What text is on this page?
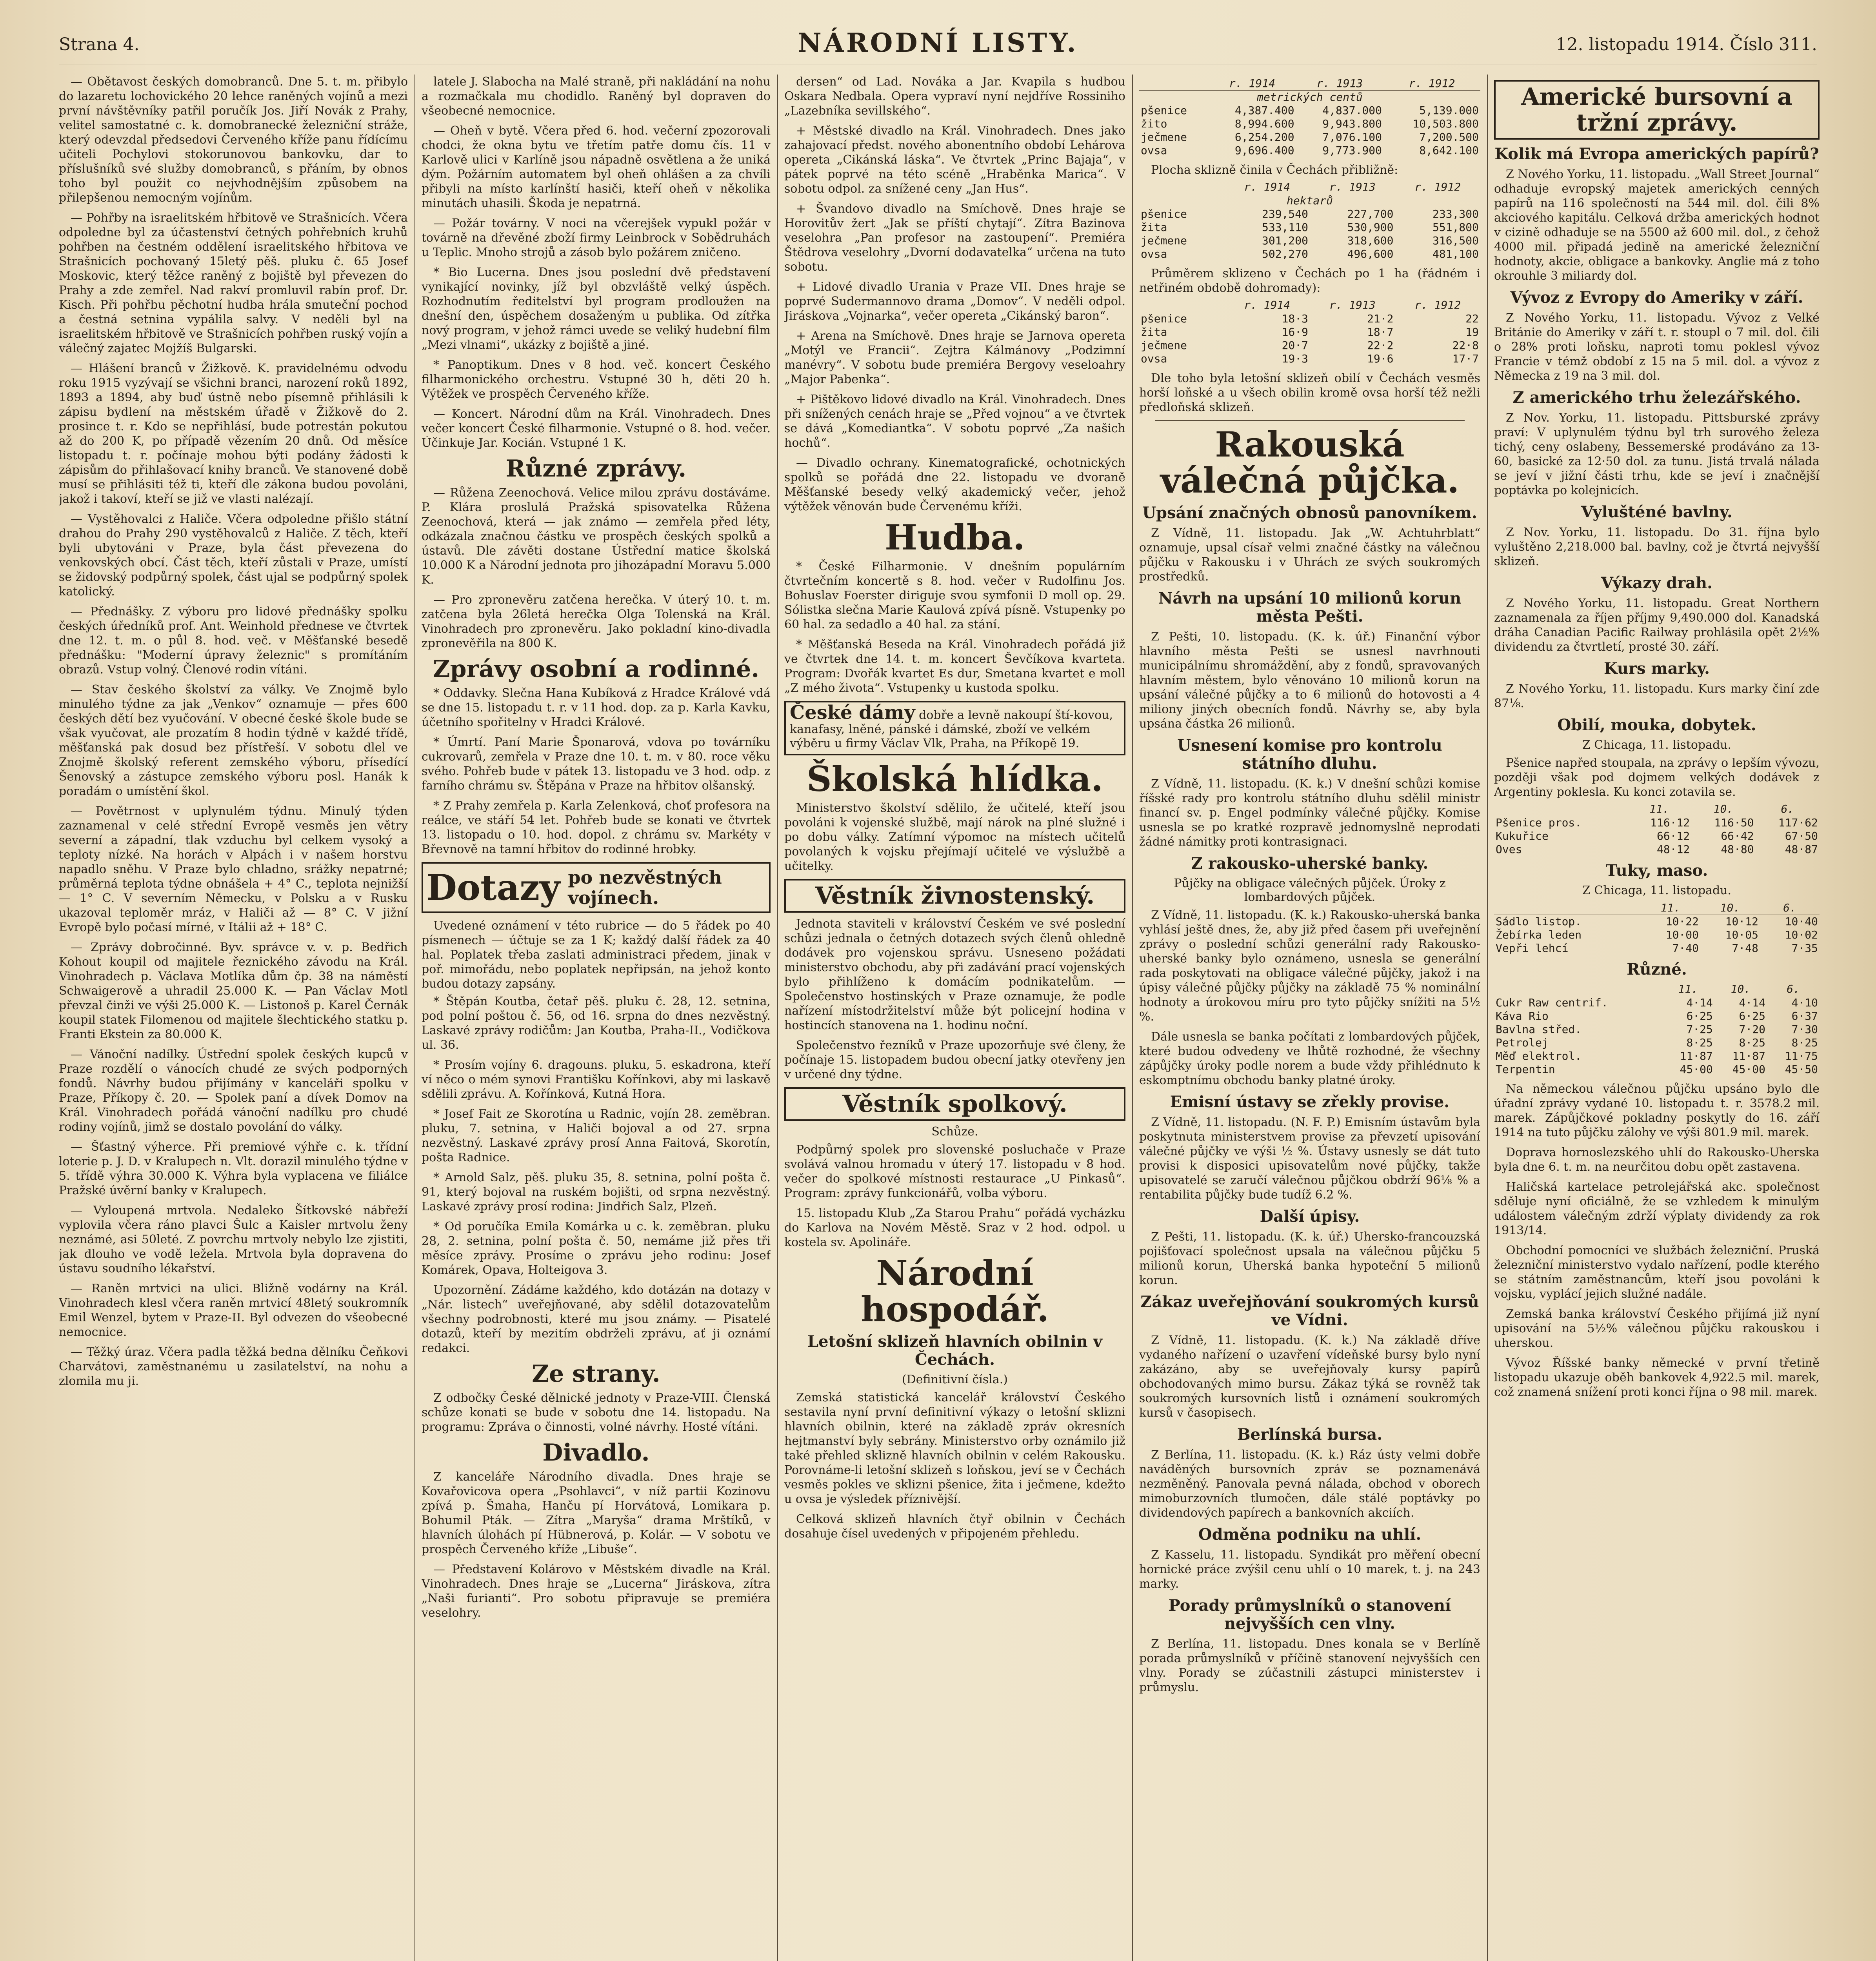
Strana 4.	NÁRODNÍ LISTY.	12. listopadu 1914. Číslo 311.

— Obětavost českých domobranců. Dne 5. t. m. přibylo do lazaretu lochovického 20 lehce raněných vojínů a mezi první návštěvníky patřil poručík Jos. Jiří Novák z Prahy, velitel samostatné c. k. domobranecké železniční stráže, který odevzdal předsedovi Červeného kříže panu řídícímu učiteli Pochylovi stokorunovou bankovku, dar to příslušníků své služby domobranců, s přáním, by obnos toho byl použit co nejvhodnějším způsobem na přilepšenou nemocným vojínům.

— Pohřby na israelitském hřbitově ve Strašnicích. Včera odpoledne byl za účastenství četných pohřebních kruhů pohřben na čestném oddělení israelitského hřbitova ve Strašnicích pochovaný 15letý pěš. pluku č. 65 Josef Moskovic, který těžce raněný z bojiště byl převezen do Prahy a zde zemřel. Nad rakví promluvil rabín prof. Dr. Kisch. Při pohřbu pěchotní hudba hrála smuteční pochod a čestná setnina vypálila salvy. V neděli byl na israelitském hřbitově ve Strašnicích pohřben ruský vojín a válečný zajatec Mojžíš Bulgarski.

— Hlášení branců v Žižkově. K. pravidelnému odvodu roku 1915 vyzývají se všichni branci, narození roků 1892, 1893 a 1894, aby buď ústně nebo písemně přihlásili k zápisu bydlení na městském úřadě v Žižkově do 2. prosince t. r. Kdo se nepřihlásí, bude potrestán pokutou až do 200 K, po případě vězením 20 dnů. Od měsíce listopadu t. r. počínaje mohou býti podány žádosti k zápisům do přihlašovací knihy branců. Ve stanovené době musí se přihlásiti též ti, kteří dle zákona budou povoláni, jakož i takoví, kteří se již ve vlasti nalézají.

— Vystěhovalci z Haliče. Včera odpoledne přišlo státní drahou do Prahy 290 vystěhovalců z Haliče. Z těch, kteří byli ubytováni v Praze, byla část převezena do venkovských obcí. Část těch, kteří zůstali v Praze, umístí se židovský podpůrný spolek, část ujal se podpůrný spolek katolický.

— Přednášky. Z výboru pro lidové přednášky spolku českých úředníků prof. Ant. Weinhold přednese ve čtvrtek dne 12. t. m. o půl 8. hod. več. v Měšťanské besedě přednášku: "Moderní úpravy železnic" s promítáním obrazů. Vstup volný. Členové rodin vítáni.

— Stav českého školství za války. Ve Znojmě bylo minulého týdne za jak „Venkov“ oznamuje — přes 600 českých dětí bez vyučování. V obecné české škole bude se však vyučovat, ale prozatím 8 hodin týdně v každé třídě, měšťanská pak dosud bez přístřeší. V sobotu dlel ve Znojmě školský referent zemského výboru, přísedící Šenovský a zástupce zemského výboru posl. Hanák k poradám o umístění škol.

— Povětrnost v uplynulém týdnu. Minulý týden zaznamenal v celé střední Evropě vesměs jen větry severní a západní, tlak vzduchu byl celkem vysoký a teploty nízké. Na horách v Alpách i v našem horstvu napadlo sněhu. V Praze bylo chladno, srážky nepatrné; průměrná teplota týdne obnášela + 4° C., teplota nejnižší — 1° C. V severním Německu, v Polsku a v Rusku ukazoval teploměr mráz, v Haliči až — 8° C. V jižní Evropě bylo počasí mírné, v Itálii až + 18° C.

— Zprávy dobročinné. Byv. správce v. v. p. Bedřich Kohout koupil od majitele řeznického závodu na Král. Vinohradech p. Václava Motlíka dům čp. 38 na náměstí Schwaigerově a uhradil 25.000 K. — Pan Václav Motl převzal činži ve výši 25.000 K. — Listonoš p. Karel Černák koupil statek Filomenou od majitele šlechtického statku p. Franti Ekstein za 80.000 K.

— Vánoční nadílky. Ústřední spolek českých kupců v Praze rozdělí o vánocích chudé ze svých podporných fondů. Návrhy budou přijímány v kanceláři spolku v Praze, Příkopy č. 20. — Spolek paní a dívek Domov na Král. Vinohradech pořádá vánoční nadílku pro chudé rodiny vojínů, jimž se dostalo povolání do války.

— Šťastný výherce. Při premiové výhře c. k. třídní loterie p. J. D. v Kralupech n. Vlt. dorazil minulého týdne v 5. třídě výhra 30.000 K. Výhra byla vyplacena ve filiálce Pražské úvěrní banky v Kralupech.

— Vyloupená mrtvola. Nedaleko Šítkovské nábřeží vyplovila včera ráno plavci Šulc a Kaisler mrtvolu ženy neznámé, asi 50leté. Z povrchu mrtvoly nebylo lze zjistiti, jak dlouho ve vodě ležela. Mrtvola byla dopravena do ústavu soudního lékařství.

— Raněn mrtvici na ulici. Bližně vodárny na Král. Vinohradech klesl včera raněn mrtvicí 48letý soukromník Emil Wenzel, bytem v Praze-II. Byl odvezen do všeobecné nemocnice.

— Těžký úraz. Včera padla těžká bedna dělníku Čeňkovi Charvátovi, zaměstnanému u zasilatelství, na nohu a zlomila mu ji.

latele J. Slabocha na Malé straně, při nakládání na nohu a rozmačkala mu chodidlo. Raněný byl dopraven do všeobecné nemocnice.

— Oheň v bytě. Včera před 6. hod. večerní zpozorovali chodci, že okna bytu ve třetím patře domu čís. 11 v Karlově ulici v Karlíně jsou nápadně osvětlena a že uniká dým. Požárním automatem byl oheň ohlášen a za chvíli přibyli na místo karlínští hasiči, kteří oheň v několika minutách uhasili. Škoda je nepatrná.

— Požár továrny. V noci na včerejšek vypukl požár v továrně na dřevěné zboží firmy Leinbrock v Sobědruhách u Teplic. Mnoho strojů a zásob bylo požárem zničeno.

* Bio Lucerna. Dnes jsou poslední dvě představení vynikající novinky, jíž byl obzvláště velký úspěch. Rozhodnutím ředitelství byl program prodloužen na dnešní den, úspěchem dosaženým u publika. Od zítřka nový program, v jehož rámci uvede se veliký hudební film „Mezi vlnami“, ukázky z bojiště a jiné.

* Panoptikum. Dnes v 8 hod. več. koncert Českého filharmonického orchestru. Vstupné 30 h, děti 20 h. Výtěžek ve prospěch Červeného kříže.

— Koncert. Národní dům na Král. Vinohradech. Dnes večer koncert České filharmonie. Vstupné o 8. hod. večer. Účinkuje Jar. Kocián. Vstupné 1 K.

Různé zprávy.

— Růžena Zeenochová. Velice milou zprávu dostáváme. P. Klára proslulá Pražská spisovatelka Růžena Zeenochová, která — jak známo — zemřela před léty, odkázala značnou částku ve prospěch českých spolků a ústavů. Dle závěti dostane Ústřední matice školská 10.000 K a Národní jednota pro jihozápadní Moravu 5.000 K.

— Pro zpronevěru zatčena herečka. V úterý 10. t. m. zatčena byla 26letá herečka Olga Tolenská na Král. Vinohradech pro zpronevěru. Jako pokladní kino-divadla zpronevěřila na 800 K.

Zprávy osobní a rodinné.

* Oddavky. Slečna Hana Kubíková z Hradce Králové vdá se dne 15. listopadu t. r. v 11 hod. dop. za p. Karla Kavku, účetního spořitelny v Hradci Králové.

* Úmrtí. Paní Marie Šponarová, vdova po továrníku cukrovarů, zemřela v Praze dne 10. t. m. v 80. roce věku svého. Pohřeb bude v pátek 13. listopadu ve 3 hod. odp. z farního chrámu sv. Štěpána v Praze na hřbitov olšanský.

* Z Prahy zemřela p. Karla Zelenková, choť profesora na reálce, ve stáří 54 let. Pohřeb bude se konati ve čtvrtek 13. listopadu o 10. hod. dopol. z chrámu sv. Markéty v Břevnově na tamní hřbitov do rodinné hrobky.

Dotazy po nezvěstných vojínech.

Uvedené oznámení v této rubrice — do 5 řádek po 40 písmenech — účtuje se za 1 K; každý další řádek za 40 hal. Poplatek třeba zaslati administraci předem, jinak v poř. mimořádu, nebo poplatek nepřipsán, na jehož konto budou dotazy zapsány.

* Štěpán Koutba, četař pěš. pluku č. 28, 12. setnina, pod polní poštou č. 56, od 16. srpna do dnes nezvěstný. Laskavé zprávy rodičům: Jan Koutba, Praha-II., Vodičkova ul. 36.

* Prosím vojíny 6. dragouns. pluku, 5. eskadrona, kteří ví něco o mém synovi Františku Kořínkovi, aby mi laskavě sdělili zprávu. A. Kořínková, Kutná Hora.

* Josef Fait ze Skorotína u Radnic, vojín 28. zeměbran. pluku, 7. setnina, v Haliči bojoval a od 27. srpna nezvěstný. Laskavé zprávy prosí Anna Faitová, Skorotín, pošta Radnice.

* Arnold Salz, pěš. pluku 35, 8. setnina, polní pošta č. 91, který bojoval na ruském bojišti, od srpna nezvěstný. Laskavé zprávy prosí rodina: Jindřich Salz, Plzeň.

* Od poručíka Emila Komárka u c. k. zeměbran. pluku 28, 2. setnina, polní pošta č. 50, nemáme již přes tři měsíce zprávy. Prosíme o zprávu jeho rodinu: Josef Komárek, Opava, Holteigova 3.

Upozornění. Zádáme každého, kdo dotázán na dotazy v „Nár. listech“ uveřejňované, aby sdělil dotazovatelům všechny podrobnosti, které mu jsou známy. — Pisatelé dotazů, kteří by mezitím obdrželi zprávu, ať ji oznámí redakci.

Ze strany.

Z odbočky České dělnické jednoty v Praze-VIII. Členská schůze konati se bude v sobotu dne 14. listopadu. Na programu: Zpráva o činnosti, volné návrhy. Hosté vítáni.

Divadlo.

Z kanceláře Národního divadla. Dnes hraje se Kovařovicova opera „Psohlavci“, v níž partii Kozinovu zpívá p. Šmaha, Hanču pí Horvátová, Lomikara p. Bohumil Pták. — Zítra „Maryša“ drama Mrštíků, v hlavních úlohách pí Hübnerová, p. Kolár. — V sobotu ve prospěch Červeného kříže „Libuše“.

— Představení Kolárovo v Městském divadle na Král. Vinohradech. Dnes hraje se „Lucerna“ Jiráskova, zítra „Naši furianti“. Pro sobotu připravuje se premiéra veselohry.

dersen“ od Lad. Nováka a Jar. Kvapila s hudbou Oskara Nedbala. Opera vypraví nyní nejdříve Rossiniho „Lazebníka sevillského“.

+ Městské divadlo na Král. Vinohradech. Dnes jako zahajovací předst. nového abonentního období Lehárova opereta „Cikánská láska“. Ve čtvrtek „Princ Bajaja“, v pátek poprvé na této scéně „Hraběnka Marica“. V sobotu odpol. za snížené ceny „Jan Hus“.

+ Švandovo divadlo na Smíchově. Dnes hraje se Horovitův žert „Jak se příští chytají“. Zítra Bazinova veselohra „Pan profesor na zastoupení“. Premiéra Štědrova veselohry „Dvorní dodavatelka“ určena na tuto sobotu.

+ Lidové divadlo Urania v Praze VII. Dnes hraje se poprvé Sudermannovo drama „Domov“. V neděli odpol. Jiráskova „Vojnarka“, večer opereta „Cikánský baron“.

+ Arena na Smíchově. Dnes hraje se Jarnova opereta „Motýl ve Francii“. Zejtra Kálmánovy „Podzimní manévry“. V sobotu bude premiéra Bergovy veseloahry „Major Pabenka“.

+ Pištěkovo lidové divadlo na Král. Vinohradech. Dnes při snížených cenách hraje se „Před vojnou“ a ve čtvrtek se dává „Komediantka“. V sobotu poprvé „Za našich hochů“.

— Divadlo ochrany. Kinematografické, ochotnických spolků se pořádá dne 22. listopadu ve dvoraně Měšťanské besedy velký akademický večer, jehož výtěžek věnován bude Červenému kříži.

Hudba.

* České Filharmonie. V dnešním populárním čtvrtečním koncertě s 8. hod. večer v Rudolfinu Jos. Bohuslav Foerster diriguje svou symfonii D moll op. 29. Sólistka slečna Marie Kaulová zpívá písně. Vstupenky po 60 hal. za sedadlo a 40 hal. za stání.

* Měšťanská Beseda na Král. Vinohradech pořádá již ve čtvrtek dne 14. t. m. koncert Ševčíkova kvarteta. Program: Dvořák kvartet Es dur, Smetana kvartet e moll „Z mého života“. Vstupenky u kustoda spolku.

České dámy dobře a levně nakoupí ští-kovou, kanafasy, lněné, pánské i dámské, zboží ve velkém výběru u firmy Václav Vlk, Praha, na Příkopě 19.
Školská hlídka.

Ministerstvo školství sdělilo, že učitelé, kteří jsou povoláni k vojenské službě, mají nárok na plné služné i po dobu války. Zatímní výpomoc na místech učitelů povolaných k vojsku přejímají učitelé ve výslužbě a učitelky.

Věstník živnostenský.

Jednota staviteli v království Českém ve své poslední schůzi jednala o četných dotazech svých členů ohledně dodávek pro vojenskou správu. Usneseno požádati ministerstvo obchodu, aby při zadávání prací vojenských bylo přihlíženo k domácím podnikatelům. — Společenstvo hostinských v Praze oznamuje, že podle nařízení místodržitelství může být policejní hodina v hostincích stanovena na 1. hodinu noční.

Společenstvo řezníků v Praze upozorňuje své členy, že počínaje 15. listopadem budou obecní jatky otevřeny jen v určené dny týdne.

Věstník spolkový.
Schůze.

Podpůrný spolek pro slovenské posluchače v Praze svolává valnou hromadu v úterý 17. listopadu v 8 hod. večer do spolkové místnosti restaurace „U Pinkasů“. Program: zprávy funkcionářů, volba výboru.

15. listopadu Klub „Za Starou Prahu“ pořádá vycházku do Karlova na Novém Městě. Sraz v 2 hod. odpol. u kostela sv. Apolináře.

Národní hospodář.
Letošní sklizeň hlavních obilnin v Čechách.
(Definitivní čísla.)

Zemská statistická kancelář království Českého sestavila nyní první definitivní výkazy o letošní sklizni hlavních obilnin, které na základě zpráv okresních hejtmanství byly sebrány. Ministerstvo orby oznámilo již také přehled sklizně hlavních obilnin v celém Rakousku. Porovnáme-li letošní sklizeň s loňskou, jeví se v Čechách vesměs pokles ve sklizni pšenice, žita i ječmene, kdežto u ovsa je výsledek příznivější.

Celková sklizeň hlavních čtyř obilnin v Čechách dosahuje čísel uvedených v připojeném přehledu.

	r. 1914	r. 1913	r. 1912
metrických centů			
pšenice	4,387.400	4,837.000	5,139.000
žito	8,994.600	9,943.800	10,503.800
ječmene	6,254.200	7,076.100	7,200.500
ovsa	9,696.400	9,773.900	8,642.100

Plocha sklizně činila v Čechách přibližně:

	r. 1914	r. 1913	r. 1912
hektarů			
pšenice	239,540	227,700	233,300
žita	533,110	530,900	551,800
ječmene	301,200	318,600	316,500
ovsa	502,270	496,600	481,100

Průměrem sklizeno v Čechách po 1 ha (řádném i netřiném obdobě dohromady):

	r. 1914	r. 1913	r. 1912
pšenice	18·3	21·2	22
žita	16·9	18·7	19
ječmene	20·7	22·2	22·8
ovsa	19·3	19·6	17·7

Dle toho byla letošní sklizeň obilí v Čechách vesměs horší loňské a u všech obilin kromě ovsa horší též nežli předloňská sklizeň.

Rakouská válečná půjčka.
Upsání značných obnosů panovníkem.

Z Vídně, 11. listopadu. Jak „W. Achtuhrblatt“ oznamuje, upsal císař velmi značné částky na válečnou půjčku v Rakousku i v Uhrách ze svých soukromých prostředků.

Návrh na upsání 10 milionů korun města Pešti.

Z Pešti, 10. listopadu. (K. k. úř.) Finanční výbor hlavního města Pešti se usnesl navrhnouti municipálnímu shromáždění, aby z fondů, spravovaných hlavním městem, bylo věnováno 10 milionů korun na upsání válečné půjčky a to 6 milionů do hotovosti a 4 miliony jiných obecních fondů. Návrhy se, aby byla upsána částka 26 milionů.

Usnesení komise pro kontrolu státního dluhu.

Z Vídně, 11. listopadu. (K. k.) V dnešní schůzi komise říšské rady pro kontrolu státního dluhu sdělil ministr financí sv. p. Engel podmínky válečné půjčky. Komise usnesla se po kratké rozpravě jednomyslně neprodati žádné námitky proti kontrasignaci.

Z rakousko-uherské banky.
Půjčky na obligace válečných půjček. Úroky z lombardových půjček.

Z Vídně, 11. listopadu. (K. k.) Rakousko-uherská banka vyhlásí ještě dnes, že, aby již před časem při uveřejnění zprávy o poslední schůzi generální rady Rakousko-uherské banky bylo oznámeno, usnesla se generální rada poskytovati na obligace válečné půjčky, jakož i na úpisy válečné půjčky půjčky na základě 75 % nominální hodnoty a úrokovou míru pro tyto půjčky snížiti na 5½ %.

Dále usnesla se banka počítati z lombardových půjček, které budou odvedeny ve lhůtě rozhodné, že všechny zápůjčky úroky podle norem a bude vždy přihlédnuto k eskomptnímu obchodu banky platné úroky.

Emisní ústavy se zřekly provise.

Z Vídně, 11. listopadu. (N. F. P.) Emisním ústavům byla poskytnuta ministerstvem provise za převzetí upisování válečné půjčky ve výši ½ %. Ústavy usnesly se dát tuto provisi k disposici upisovatelům nové půjčky, takže upisovatelé se zaručí válečnou půjčkou obdrží 96⅛ % a rentabilita půjčky bude tudíž 6.2 %.

Další úpisy.

Z Pešti, 11. listopadu. (K. k. úř.) Uhersko-francouzská pojišťovací společnost upsala na válečnou půjčku 5 milionů korun, Uherská banka hypoteční 5 milionů korun.

Zákaz uveřejňování soukromých kursů ve Vídni.

Z Vídně, 11. listopadu. (K. k.) Na základě dříve vydaného nařízení o uzavření vídeňské bursy bylo nyní zakázáno, aby se uveřejňovaly kursy papírů obchodovaných mimo bursu. Zákaz týká se rovněž tak soukromých kursovních listů i oznámení soukromých kursů v časopisech.

Berlínská bursa.

Z Berlína, 11. listopadu. (K. k.) Ráz ústy velmi dobře naváděných bursovních zpráv se poznamenává nezměněný. Panovala pevná nálada, obchod v oborech mimoburzovních tlumočen, dále stálé poptávky po dividendových papírech a bankovních akciích.

Odměna podniku na uhlí.

Z Kasselu, 11. listopadu. Syndikát pro měření obecní hornické práce zvýšil cenu uhlí o 10 marek, t. j. na 243 marky.

Porady průmyslníků o stanovení nejvyšších cen vlny.

Z Berlína, 11. listopadu. Dnes konala se v Berlíně porada průmyslníků v příčině stanovení nejvyšších cen vlny. Porady se zúčastnili zástupci ministerstev i průmyslu.

Americké bursovní a tržní zprávy.
Kolik má Evropa amerických papírů?

Z Nového Yorku, 11. listopadu. „Wall Street Journal“ odhaduje evropský majetek amerických cenných papírů na 116 společností na 544 mil. dol. čili 8% akciového kapitálu. Celková držba amerických hodnot v cizině odhaduje se na 5500 až 600 mil. dol., z čehož 4000 mil. připadá jedině na americké železniční hodnoty, akcie, obligace a bankovky. Anglie má z toho okrouhle 3 miliardy dol.

Vývoz z Evropy do Ameriky v září.

Z Nového Yorku, 11. listopadu. Vývoz z Velké Británie do Ameriky v září t. r. stoupl o 7 mil. dol. čili o 28% proti loňsku, naproti tomu poklesl vývoz Francie v témž období z 15 na 5 mil. dol. a vývoz z Německa z 19 na 3 mil. dol.

Z amerického trhu železářského.

Z Nov. Yorku, 11. listopadu. Pittsburské zprávy praví: V uplynulém týdnu byl trh surového železa tichý, ceny oslabeny, Bessemerské prodáváno za 13-60, basické za 12·50 dol. za tunu. Jistá trvalá nálada se jeví v jižní části trhu, kde se jeví i značnější poptávka po kolejnicích.

Vylušténé bavlny.

Z Nov. Yorku, 11. listopadu. Do 31. října bylo vyluštěno 2,218.000 bal. bavlny, což je čtvrtá nejvyšší sklizeň.

Výkazy drah.

Z Nového Yorku, 11. listopadu. Great Northern zaznamenala za říjen příjmy 9,490.000 dol. Kanadská dráha Canadian Pacific Railway prohlásila opět 2½% dividendu za čtvrtletí, prosté 30. září.

Kurs marky.

Z Nového Yorku, 11. listopadu. Kurs marky činí zde 87⅛.

Obilí, mouka, dobytek.
Z Chicaga, 11. listopadu.

Pšenice napřed stoupala, na zprávy o lepším vývozu, později však pod dojmem velkých dodávek z Argentiny poklesla. Ku konci zotavila se.

	11.	10.	6.
Pšenice pros.	116·12	116·50	117·62
Kukuřice	66·12	66·42	67·50
Oves	48·12	48·80	48·87
Tuky, maso.
Z Chicaga, 11. listopadu.
	11.	10.	6.
Sádlo listop.	10·22	10·12	10·40
Žebírka leden	10·00	10·05	10·02
Vepři lehcí	7·40	7·48	7·35
Různé.
	11.	10.	6.
Cukr Raw centrif.	4·14	4·14	4·10
Káva Rio	6·25	6·25	6·37
Bavlna střed.	7·25	7·20	7·30
Petrolej	8·25	8·25	8·25
Měď elektrol.	11·87	11·87	11·75
Terpentin	45·00	45·00	45·50

Na německou válečnou půjčku upsáno bylo dle úřadní zprávy vydané 10. listopadu t. r. 3578.2 mil. marek. Zápůjčkové pokladny poskytly do 16. září 1914 na tuto půjčku zálohy ve výši 801.9 mil. marek.

Doprava hornoslezského uhlí do Rakousko-Uherska byla dne 6. t. m. na neurčitou dobu opět zastavena.

Haličská kartelace petrolejářská akc. společnost sděluje nyní oficiálně, že se vzhledem k minulým událostem válečným zdrží výplaty dividendy za rok 1913/14.

Obchodní pomocníci ve službách železniční. Pruská železniční ministerstvo vydalo nařízení, podle kterého se státním zaměstnancům, kteří jsou povoláni k vojsku, vyplácí jejich služné nadále.

Zemská banka království Českého přijímá již nyní upisování na 5½% válečnou půjčku rakouskou i uherskou.

Vývoz Říšské banky německé v první třetině listopadu ukazuje oběh bankovek 4,922.5 mil. marek, což znamená snížení proti konci října o 98 mil. marek.
